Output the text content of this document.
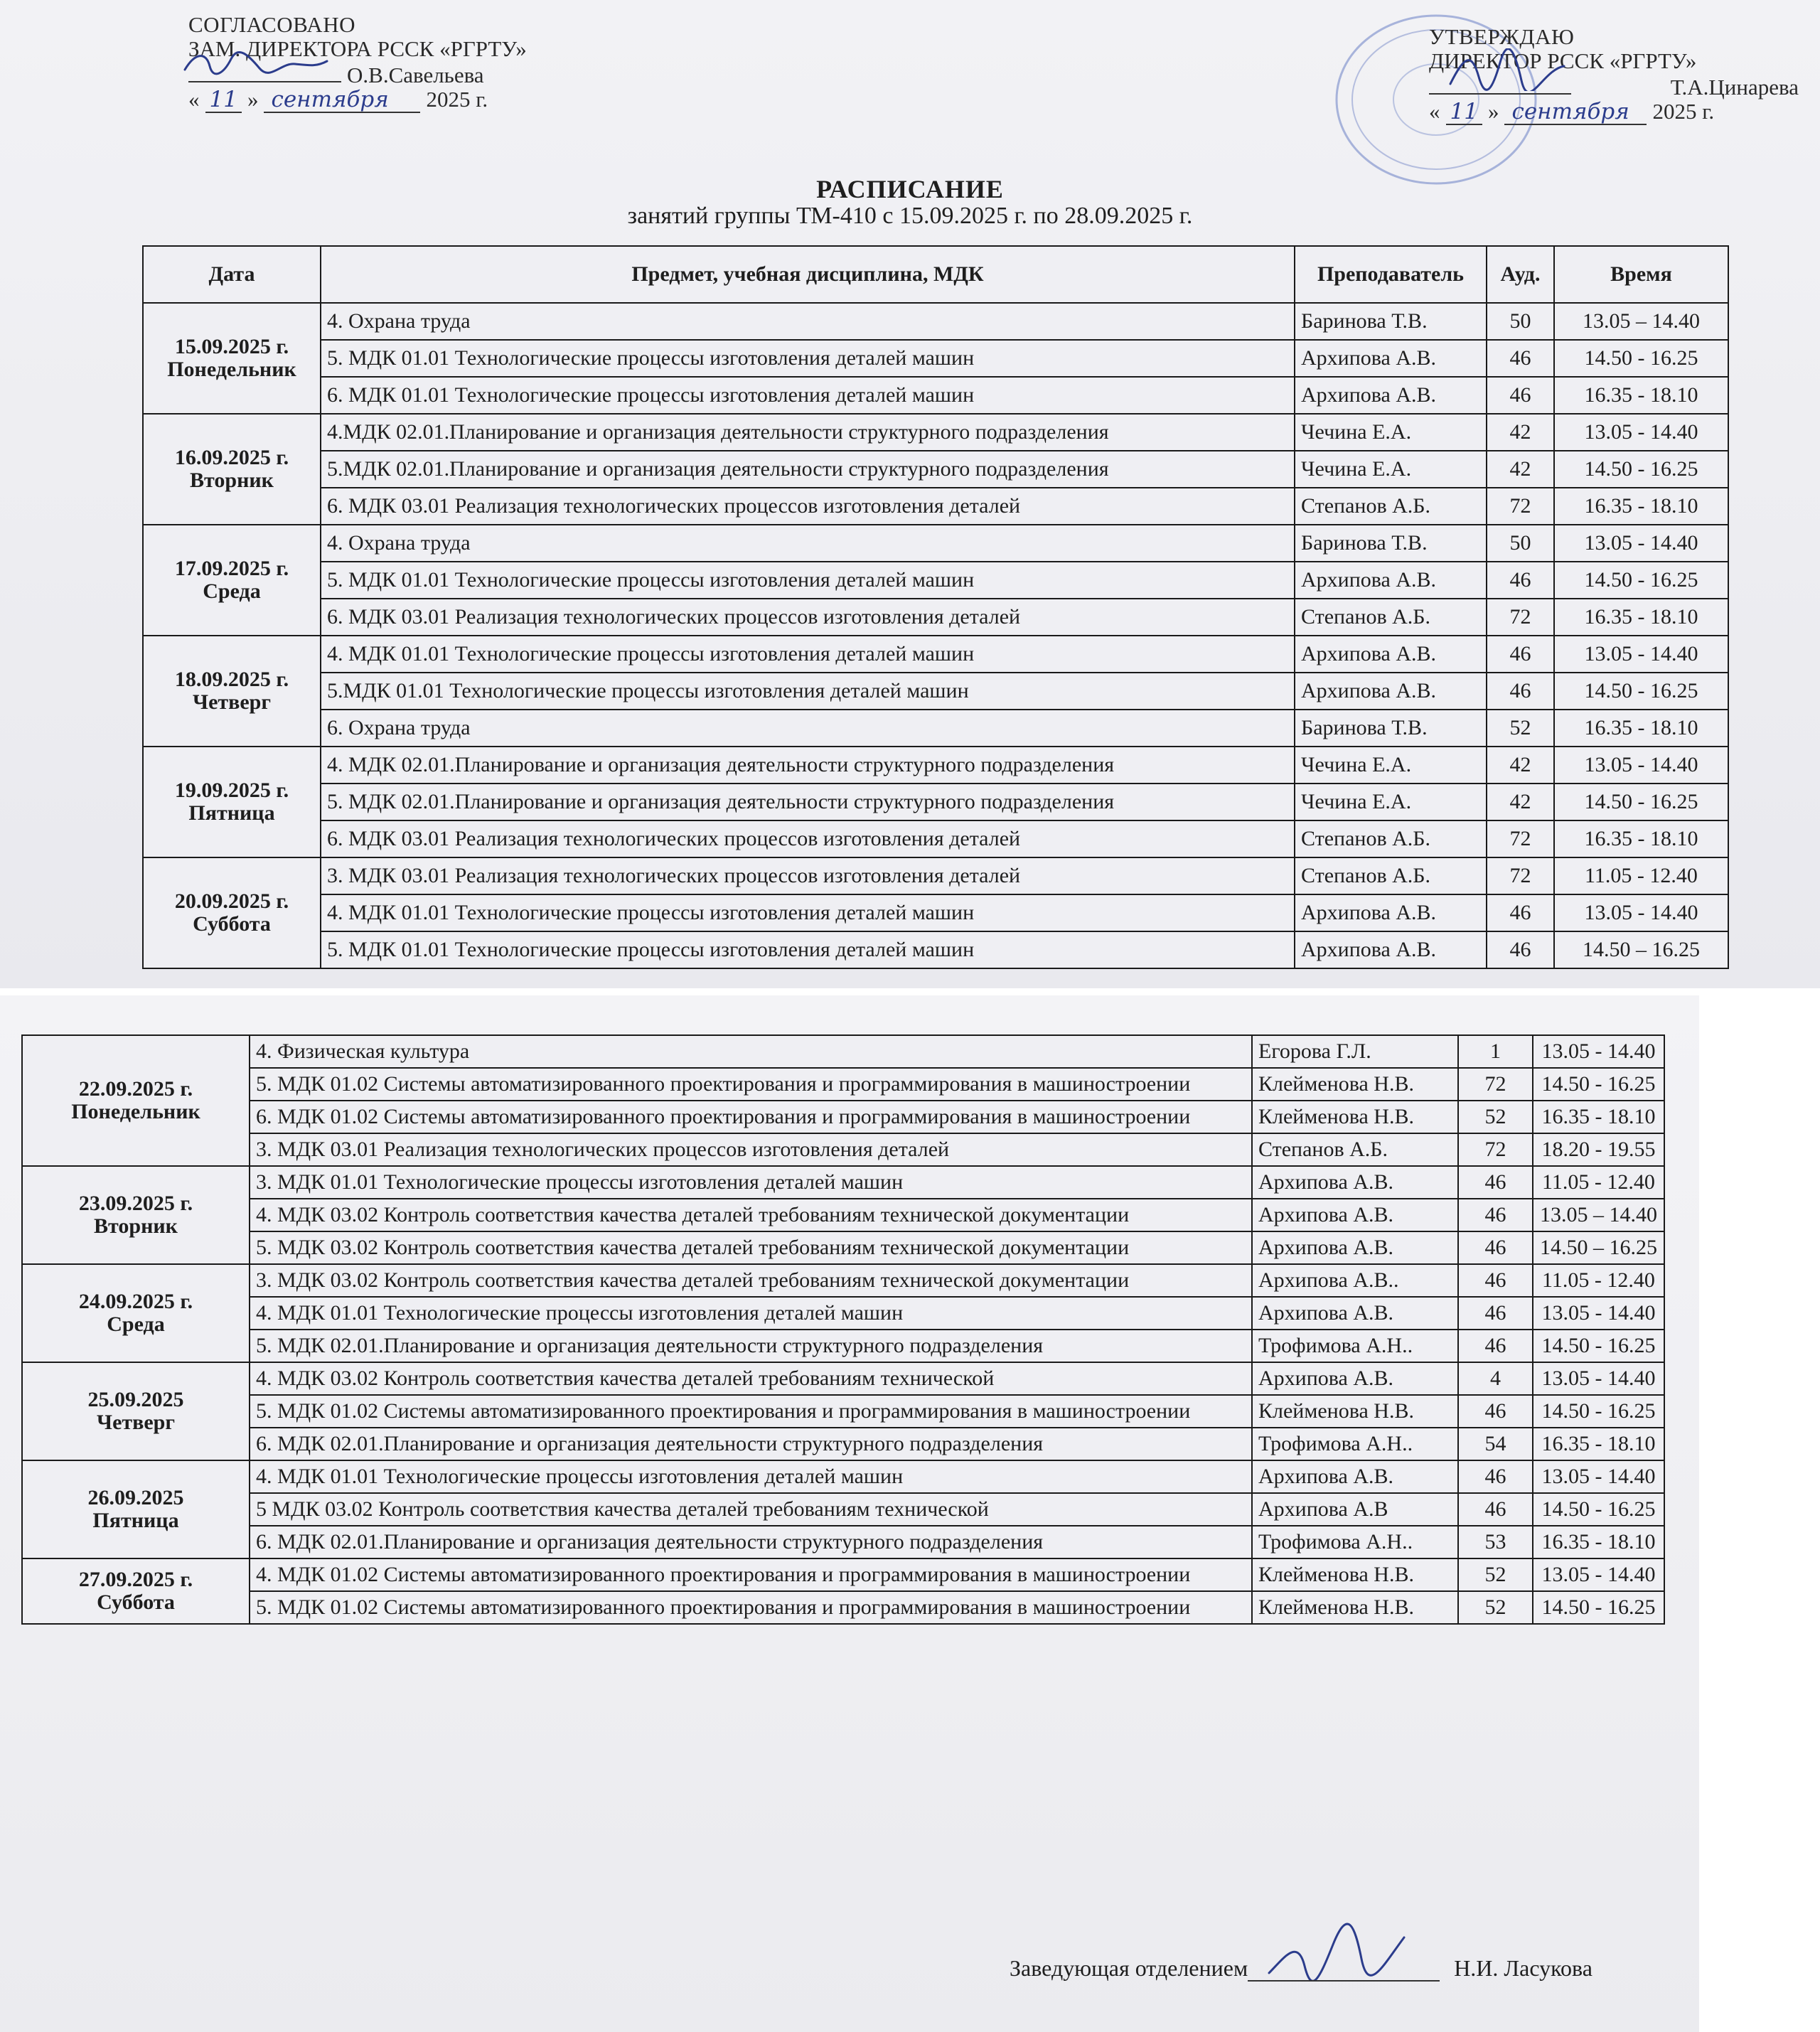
СОГЛАСОВАНО
ЗАМ. ДИРЕКТОРА РССК «РГРТУ»
О.В.Савельева
« 11 » сентября	2025 г.
УТВЕРЖДАЮ
ДИРЕКТОР РССК «РГРТУ»
Т.А.Цинарева
« 11 » сентября	2025 г.
РАСПИСАНИЕ
занятий группы ТМ-410 с 15.09.2025 г. по 28.09.2025 г.
Дата	Предмет, учебная дисциплина, МДК	Преподаватель	Ауд.	Время

15.09.2025 г.
Понедельник	4. Охрана труда	Баринова Т.В.	50	13.05 – 14.40
	5. МДК 01.01 Технологические процессы изготовления деталей машин	Архипова А.В.	46	14.50 - 16.25
	6. МДК 01.01 Технологические процессы изготовления деталей машин	Архипова А.В.	46	16.35 - 18.10

16.09.2025 г.
Вторник	4.МДК 02.01.Планирование и организация деятельности структурного подразделения	Чечина Е.А.	42	13.05 - 14.40
	5.МДК 02.01.Планирование и организация деятельности структурного подразделения	Чечина Е.А.	42	14.50 - 16.25
	6. МДК 03.01 Реализация технологических процессов изготовления деталей	Степанов А.Б.	72	16.35 - 18.10

17.09.2025 г.
Среда	4. Охрана труда	Баринова Т.В.	50	13.05 - 14.40
	5. МДК 01.01 Технологические процессы изготовления деталей машин	Архипова А.В.	46	14.50 - 16.25
	6. МДК 03.01 Реализация технологических процессов изготовления деталей	Степанов А.Б.	72	16.35 - 18.10

18.09.2025 г.
Четверг	4. МДК 01.01 Технологические процессы изготовления деталей машин	Архипова А.В.	46	13.05 - 14.40
	5.МДК 01.01 Технологические процессы изготовления деталей машин	Архипова А.В.	46	14.50 - 16.25
	6. Охрана труда	Баринова Т.В.	52	16.35 - 18.10

19.09.2025 г.
Пятница	4. МДК 02.01.Планирование и организация деятельности структурного подразделения	Чечина Е.А.	42	13.05 - 14.40
	5. МДК 02.01.Планирование и организация деятельности структурного подразделения	Чечина Е.А.	42	14.50 - 16.25
	6. МДК 03.01 Реализация технологических процессов изготовления деталей	Степанов А.Б.	72	16.35 - 18.10

20.09.2025 г.
Суббота	3. МДК 03.01 Реализация технологических процессов изготовления деталей	Степанов А.Б.	72	11.05 - 12.40
	4. МДК 01.01 Технологические процессы изготовления деталей машин	Архипова А.В.	46	13.05 - 14.40
	5. МДК 01.01 Технологические процессы изготовления деталей машин	Архипова А.В.	46	14.50 – 16.25
22.09.2025 г.
Понедельник	4. Физическая культура	Егорова Г.Л.	1	13.05 - 14.40
	5. МДК 01.02 Системы автоматизированного проектирования и программирования в машиностроении	Клейменова Н.В.	72	14.50 - 16.25
	6. МДК 01.02 Системы автоматизированного проектирования и программирования в машиностроении	Клейменова Н.В.	52	16.35 - 18.10
	3. МДК 03.01 Реализация технологических процессов изготовления деталей	Степанов А.Б.	72	18.20 - 19.55

23.09.2025 г.
Вторник	3. МДК 01.01 Технологические процессы изготовления деталей машин	Архипова А.В.	46	11.05 - 12.40
	4. МДК 03.02 Контроль соответствия качества деталей требованиям технической документации	Архипова А.В.	46	13.05 – 14.40
	5. МДК 03.02 Контроль соответствия качества деталей требованиям технической документации	Архипова А.В.	46	14.50 – 16.25

24.09.2025 г.
Среда	3. МДК 03.02 Контроль соответствия качества деталей требованиям технической документации	Архипова А.В..	46	11.05 - 12.40
	4. МДК 01.01 Технологические процессы изготовления деталей машин	Архипова А.В.	46	13.05 - 14.40
	5. МДК 02.01.Планирование и организация деятельности структурного подразделения	Трофимова А.Н..	46	14.50 - 16.25

25.09.2025
Четверг	4. МДК 03.02 Контроль соответствия качества деталей требованиям технической	Архипова А.В.	4	13.05 - 14.40
	5. МДК 01.02 Системы автоматизированного проектирования и программирования в машиностроении	Клейменова Н.В.	46	14.50 - 16.25
	6. МДК 02.01.Планирование и организация деятельности структурного подразделения	Трофимова А.Н..	54	16.35 - 18.10

26.09.2025
Пятница	4. МДК 01.01 Технологические процессы изготовления деталей машин	Архипова А.В.	46	13.05 - 14.40
	5 МДК 03.02 Контроль соответствия качества деталей требованиям технической	Архипова А.В	46	14.50 - 16.25
	6. МДК 02.01.Планирование и организация деятельности структурного подразделения	Трофимова А.Н..	53	16.35 - 18.10

27.09.2025 г.
Суббота	4. МДК 01.02 Системы автоматизированного проектирования и программирования в машиностроении	Клейменова Н.В.	52	13.05 - 14.40
	5. МДК 01.02 Системы автоматизированного проектирования и программирования в машиностроении	Клейменова Н.В.	52	14.50 - 16.25
Заведующая отделением	Н.И. Ласукова
